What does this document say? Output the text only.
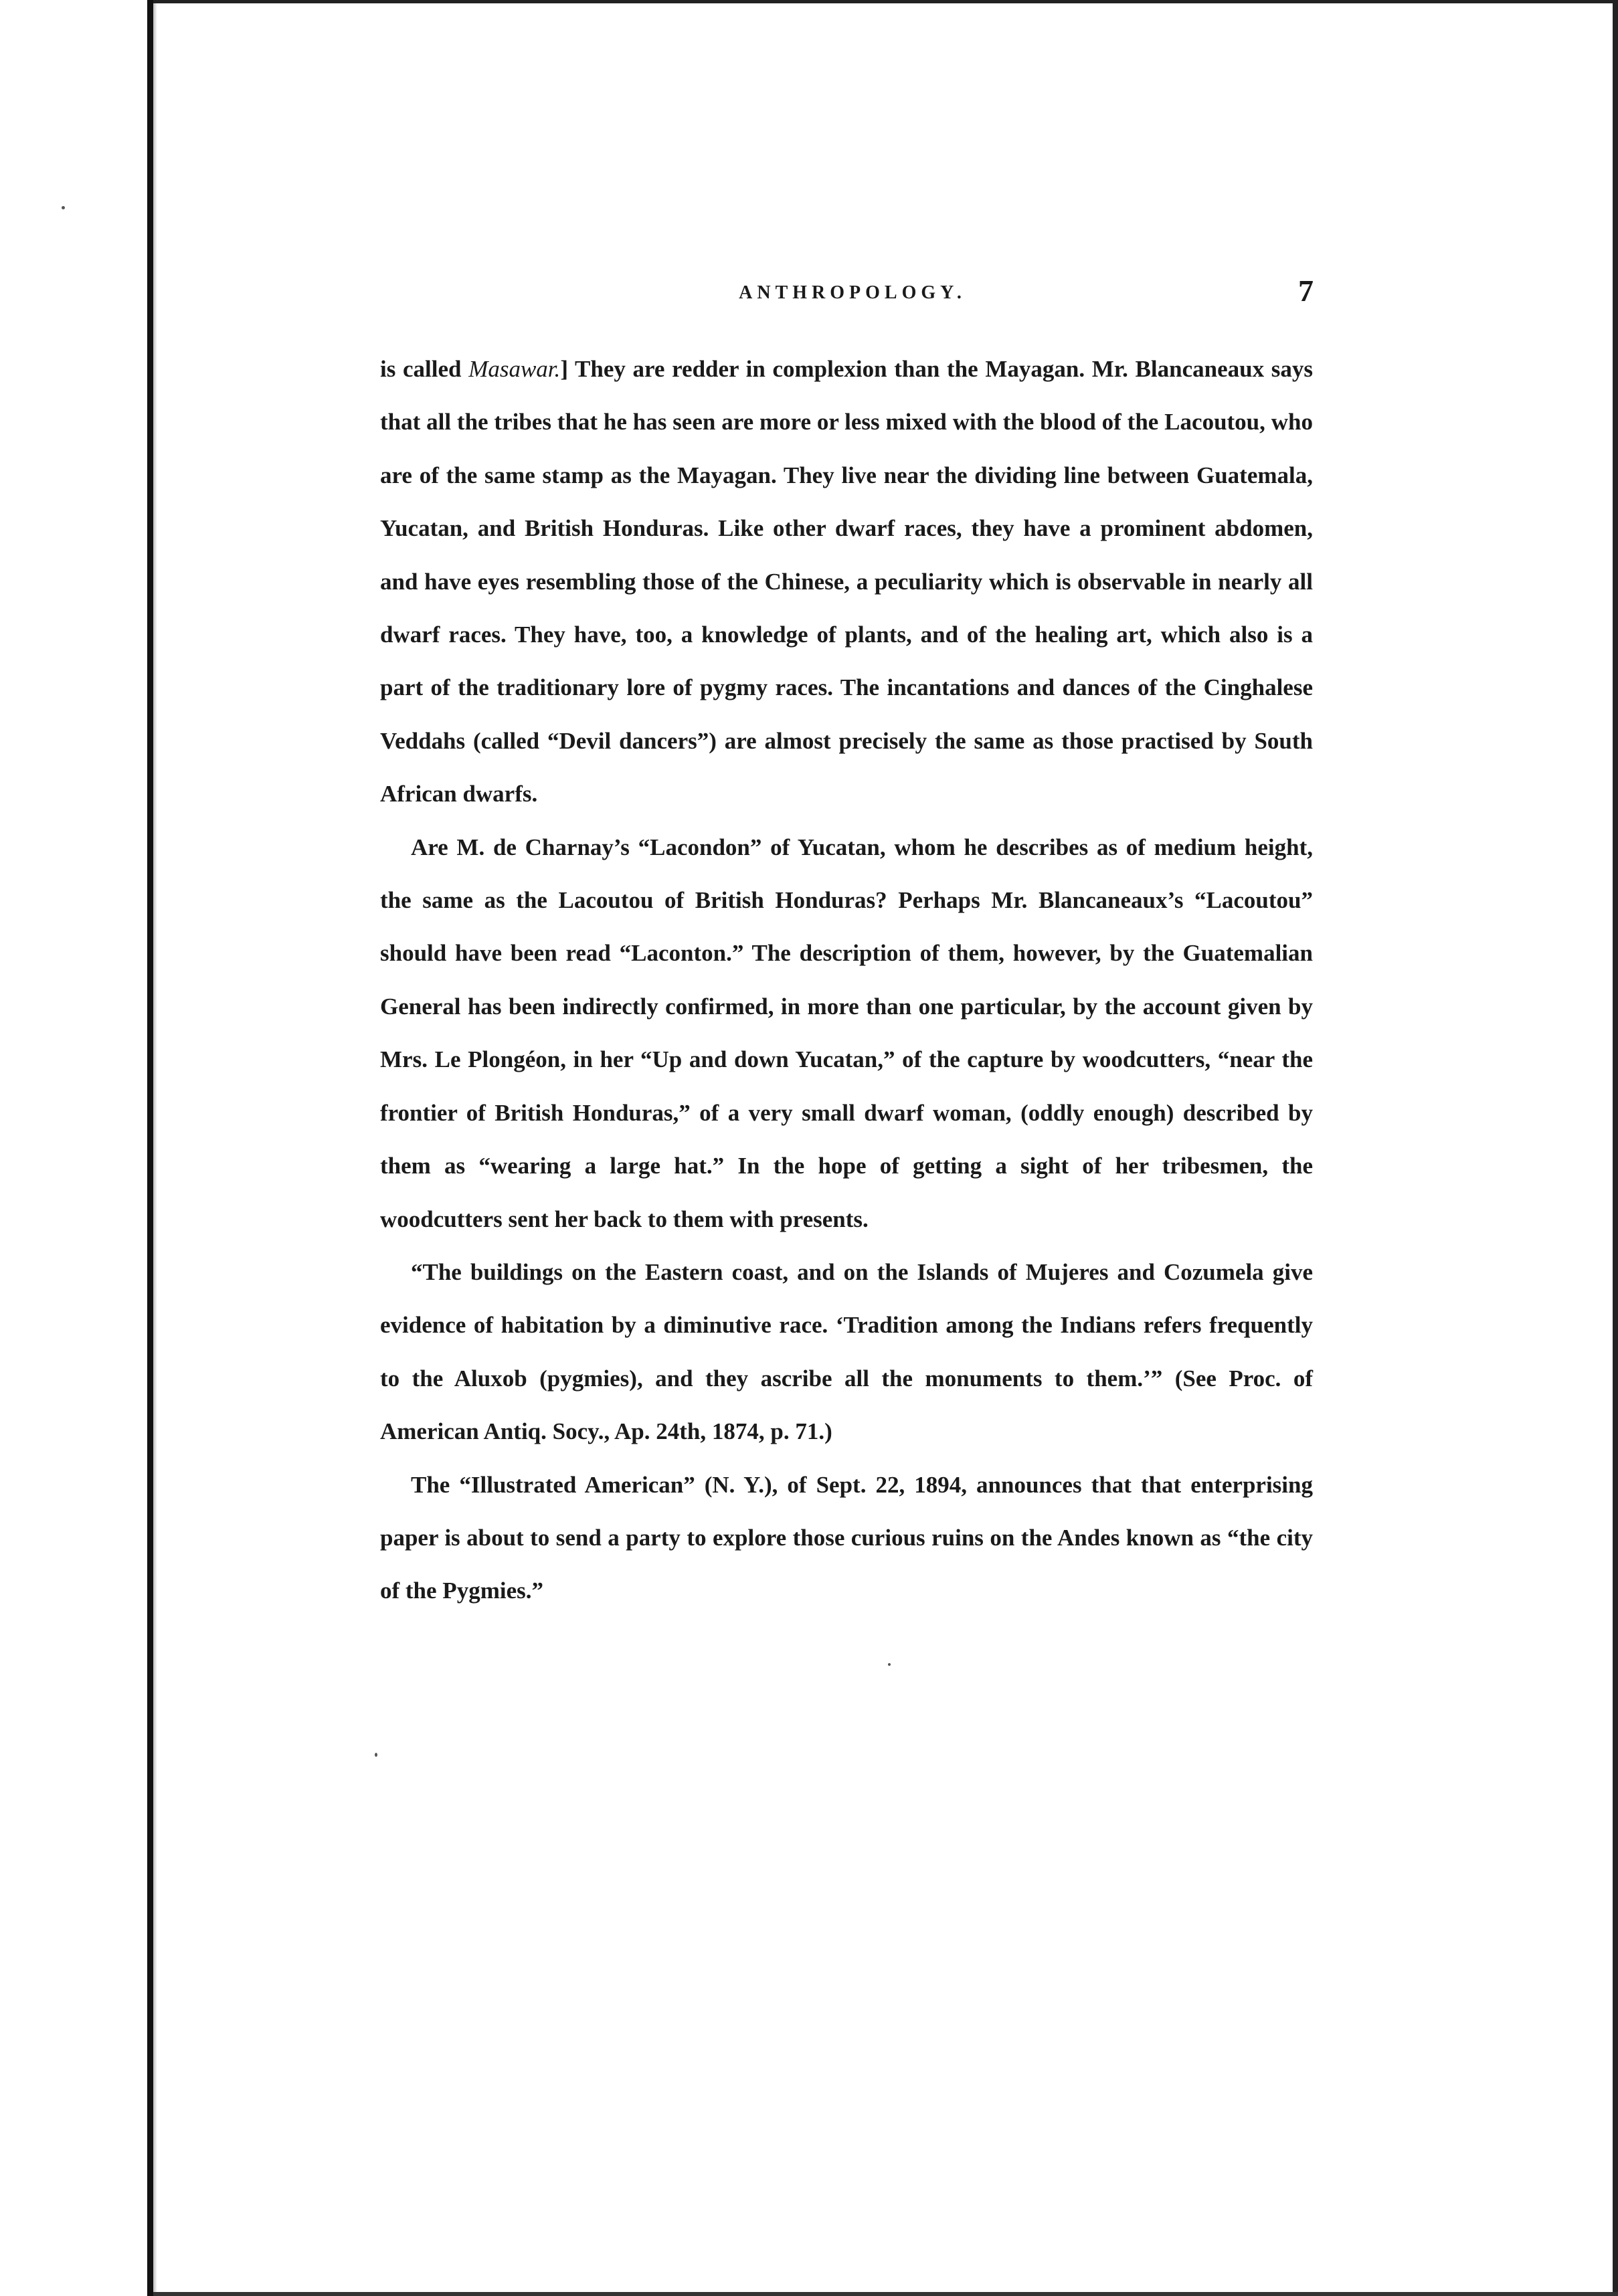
ANTHROPOLOGY.	7

is called Masawar.] They are redder in complexion than the Mayagan. Mr. Blancaneaux says that all the tribes that he has seen are more or less mixed with the blood of the Lacoutou, who are of the same stamp as the Mayagan. They live near the dividing line between Guatemala, Yucatan, and British Honduras. Like other dwarf races, they have a prominent abdomen, and have eyes resembling those of the Chinese, a peculiarity which is observable in nearly all dwarf races. They have, too, a knowledge of plants, and of the healing art, which also is a part of the traditionary lore of pygmy races. The incantations and dances of the Cinghalese Veddahs (called “Devil dancers”) are almost precisely the same as those practised by South African dwarfs.

Are M. de Charnay’s “Lacondon” of Yucatan, whom he describes as of medium height, the same as the Lacoutou of British Honduras? Perhaps Mr. Blancaneaux’s “Lacoutou” should have been read “Laconton.” The description of them, however, by the Guatemalian General has been indirectly confirmed, in more than one particular, by the account given by Mrs. Le Plongéon, in her “Up and down Yucatan,” of the capture by woodcutters, “near the frontier of British Honduras,” of a very small dwarf woman, (oddly enough) described by them as “wearing a large hat.” In the hope of getting a sight of her tribesmen, the woodcutters sent her back to them with presents.

“The buildings on the Eastern coast, and on the Islands of Mujeres and Cozumela give evidence of habitation by a diminutive race. ‘Tradition among the Indians refers frequently to the Aluxob (pygmies), and they ascribe all the monuments to them.’” (See Proc. of American Antiq. Socy., Ap. 24th, 1874, p. 71.)

The “Illustrated American” (N. Y.), of Sept. 22, 1894, announces that that enterprising paper is about to send a party to explore those curious ruins on the Andes known as “the city of the Pygmies.”
